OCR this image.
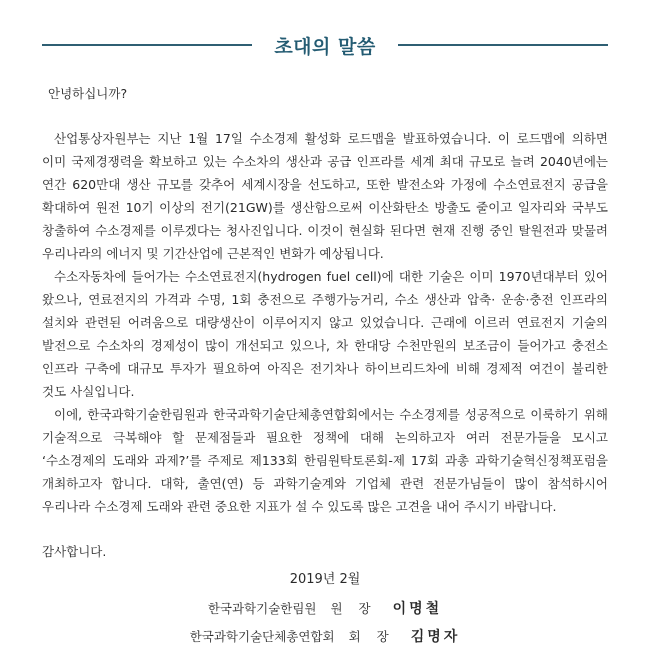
초대의 말씀
안녕하십니까?

산업통상자원부는 지난 1월 17일 수소경제 활성화 로드맵을 발표하였습니다. 이 로드맵에 의하면 이미 국제경쟁력을 확보하고 있는 수소차의 생산과 공급 인프라를 세계 최대 규모로 늘려 2040년에는 연간 620만대 생산 규모를 갖추어 세계시장을 선도하고, 또한 발전소와 가정에 수소연료전지 공급을 확대하여 원전 10기 이상의 전기(21GW)를 생산함으로써 이산화탄소 방출도 줄이고 일자리와 국부도 창출하여 수소경제를 이루겠다는 청사진입니다. 이것이 현실화 된다면 현재 진행 중인 탈원전과 맞물려 우리나라의 에너지 및 기간산업에 근본적인 변화가 예상됩니다.

수소자동차에 들어가는 수소연료전지(hydrogen fuel cell)에 대한 기술은 이미 1970년대부터 있어 왔으나, 연료전지의 가격과 수명, 1회 충전으로 주행가능거리, 수소 생산과 압축· 운송·충전 인프라의 설치와 관련된 어려움으로 대량생산이 이루어지지 않고 있었습니다. 근래에 이르러 연료전지 기술의 발전으로 수소차의 경제성이 많이 개선되고 있으나, 차 한대당 수천만원의 보조금이 들어가고 충전소 인프라 구축에 대규모 투자가 필요하여 아직은 전기차나 하이브리드차에 비해 경제적 여건이 불리한 것도 사실입니다.

이에, 한국과학기술한림원과 한국과학기술단체총연합회에서는 수소경제를 성공적으로 이룩하기 위해 기술적으로 극복해야 할 문제점들과 필요한 정책에 대해 논의하고자 여러 전문가들을 모시고 ‘수소경제의 도래와 과제?’를 주제로 제133회 한림원탁토론회-제 17회 과총 과학기술혁신정책포럼을 개최하고자 합니다. 대학, 출연(연) 등 과학기술계와 기업체 관련 전문가님들이 많이 참석하시어 우리나라 수소경제 도래와 관련 중요한 지표가 설 수 있도록 많은 고견을 내어 주시기 바랍니다.

감사합니다.
2019년 2월
한국과학기술한림원 원 장 이명철
한국과학기술단체총연합회 회 장 김명자
